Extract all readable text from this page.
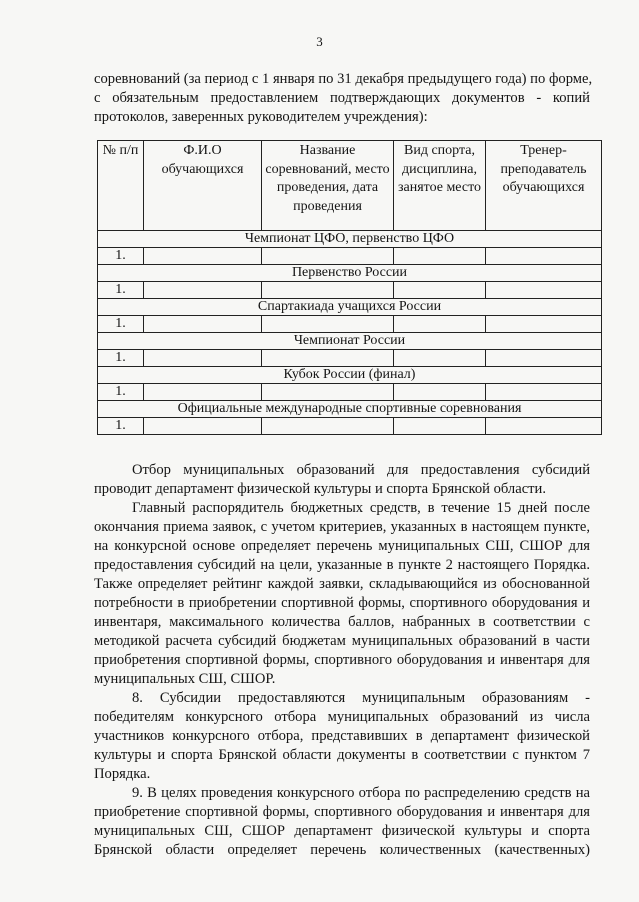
3
соревнований (за период с 1 января по 31 декабря предыдущего года) по форме,
с обязательным предоставлением подтверждающих документов - копий
протоколов, заверенных руководителем учреждения):
№ п/п	Ф.И.О обучающихся	Название соревнований, место проведения, дата проведения	Вид спорта, дисциплина, занятое место	Тренер-преподаватель обучающихся
Чемпионат ЦФО, первенство ЦФО				
1.				
Первенство России				
1.				
Спартакиада учащихся России				
1.				
Чемпионат России				
1.				
Кубок России (финал)				
1.				
Официальные международные спортивные соревнования				
1.				

Отбор муниципальных образований для предоставления субсидий
проводит департамент физической культуры и спорта Брянской области.

Главный распорядитель бюджетных средств, в течение 15 дней после
окончания приема заявок, с учетом критериев, указанных в настоящем пункте,
на конкурсной основе определяет перечень муниципальных СШ, СШОР для
предоставления субсидий на цели, указанные в пункте 2 настоящего Порядка.
Также определяет рейтинг каждой заявки, складывающийся из обоснованной
потребности в приобретении спортивной формы, спортивного оборудования и
инвентаря, максимального количества баллов, набранных в соответствии с
методикой расчета субсидий бюджетам муниципальных образований в части
приобретения спортивной формы, спортивного оборудования и инвентаря для
муниципальных СШ, СШОР.

8. Субсидии предоставляются муниципальным образованиям -
победителям конкурсного отбора муниципальных образований из числа
участников конкурсного отбора, представивших в департамент физической
культуры и спорта Брянской области документы в соответствии с пунктом 7
Порядка.

9. В целях проведения конкурсного отбора по распределению средств на
приобретение спортивной формы, спортивного оборудования и инвентаря для
муниципальных СШ, СШОР департамент физической культуры и спорта
Брянской области определяет перечень количественных (качественных)
